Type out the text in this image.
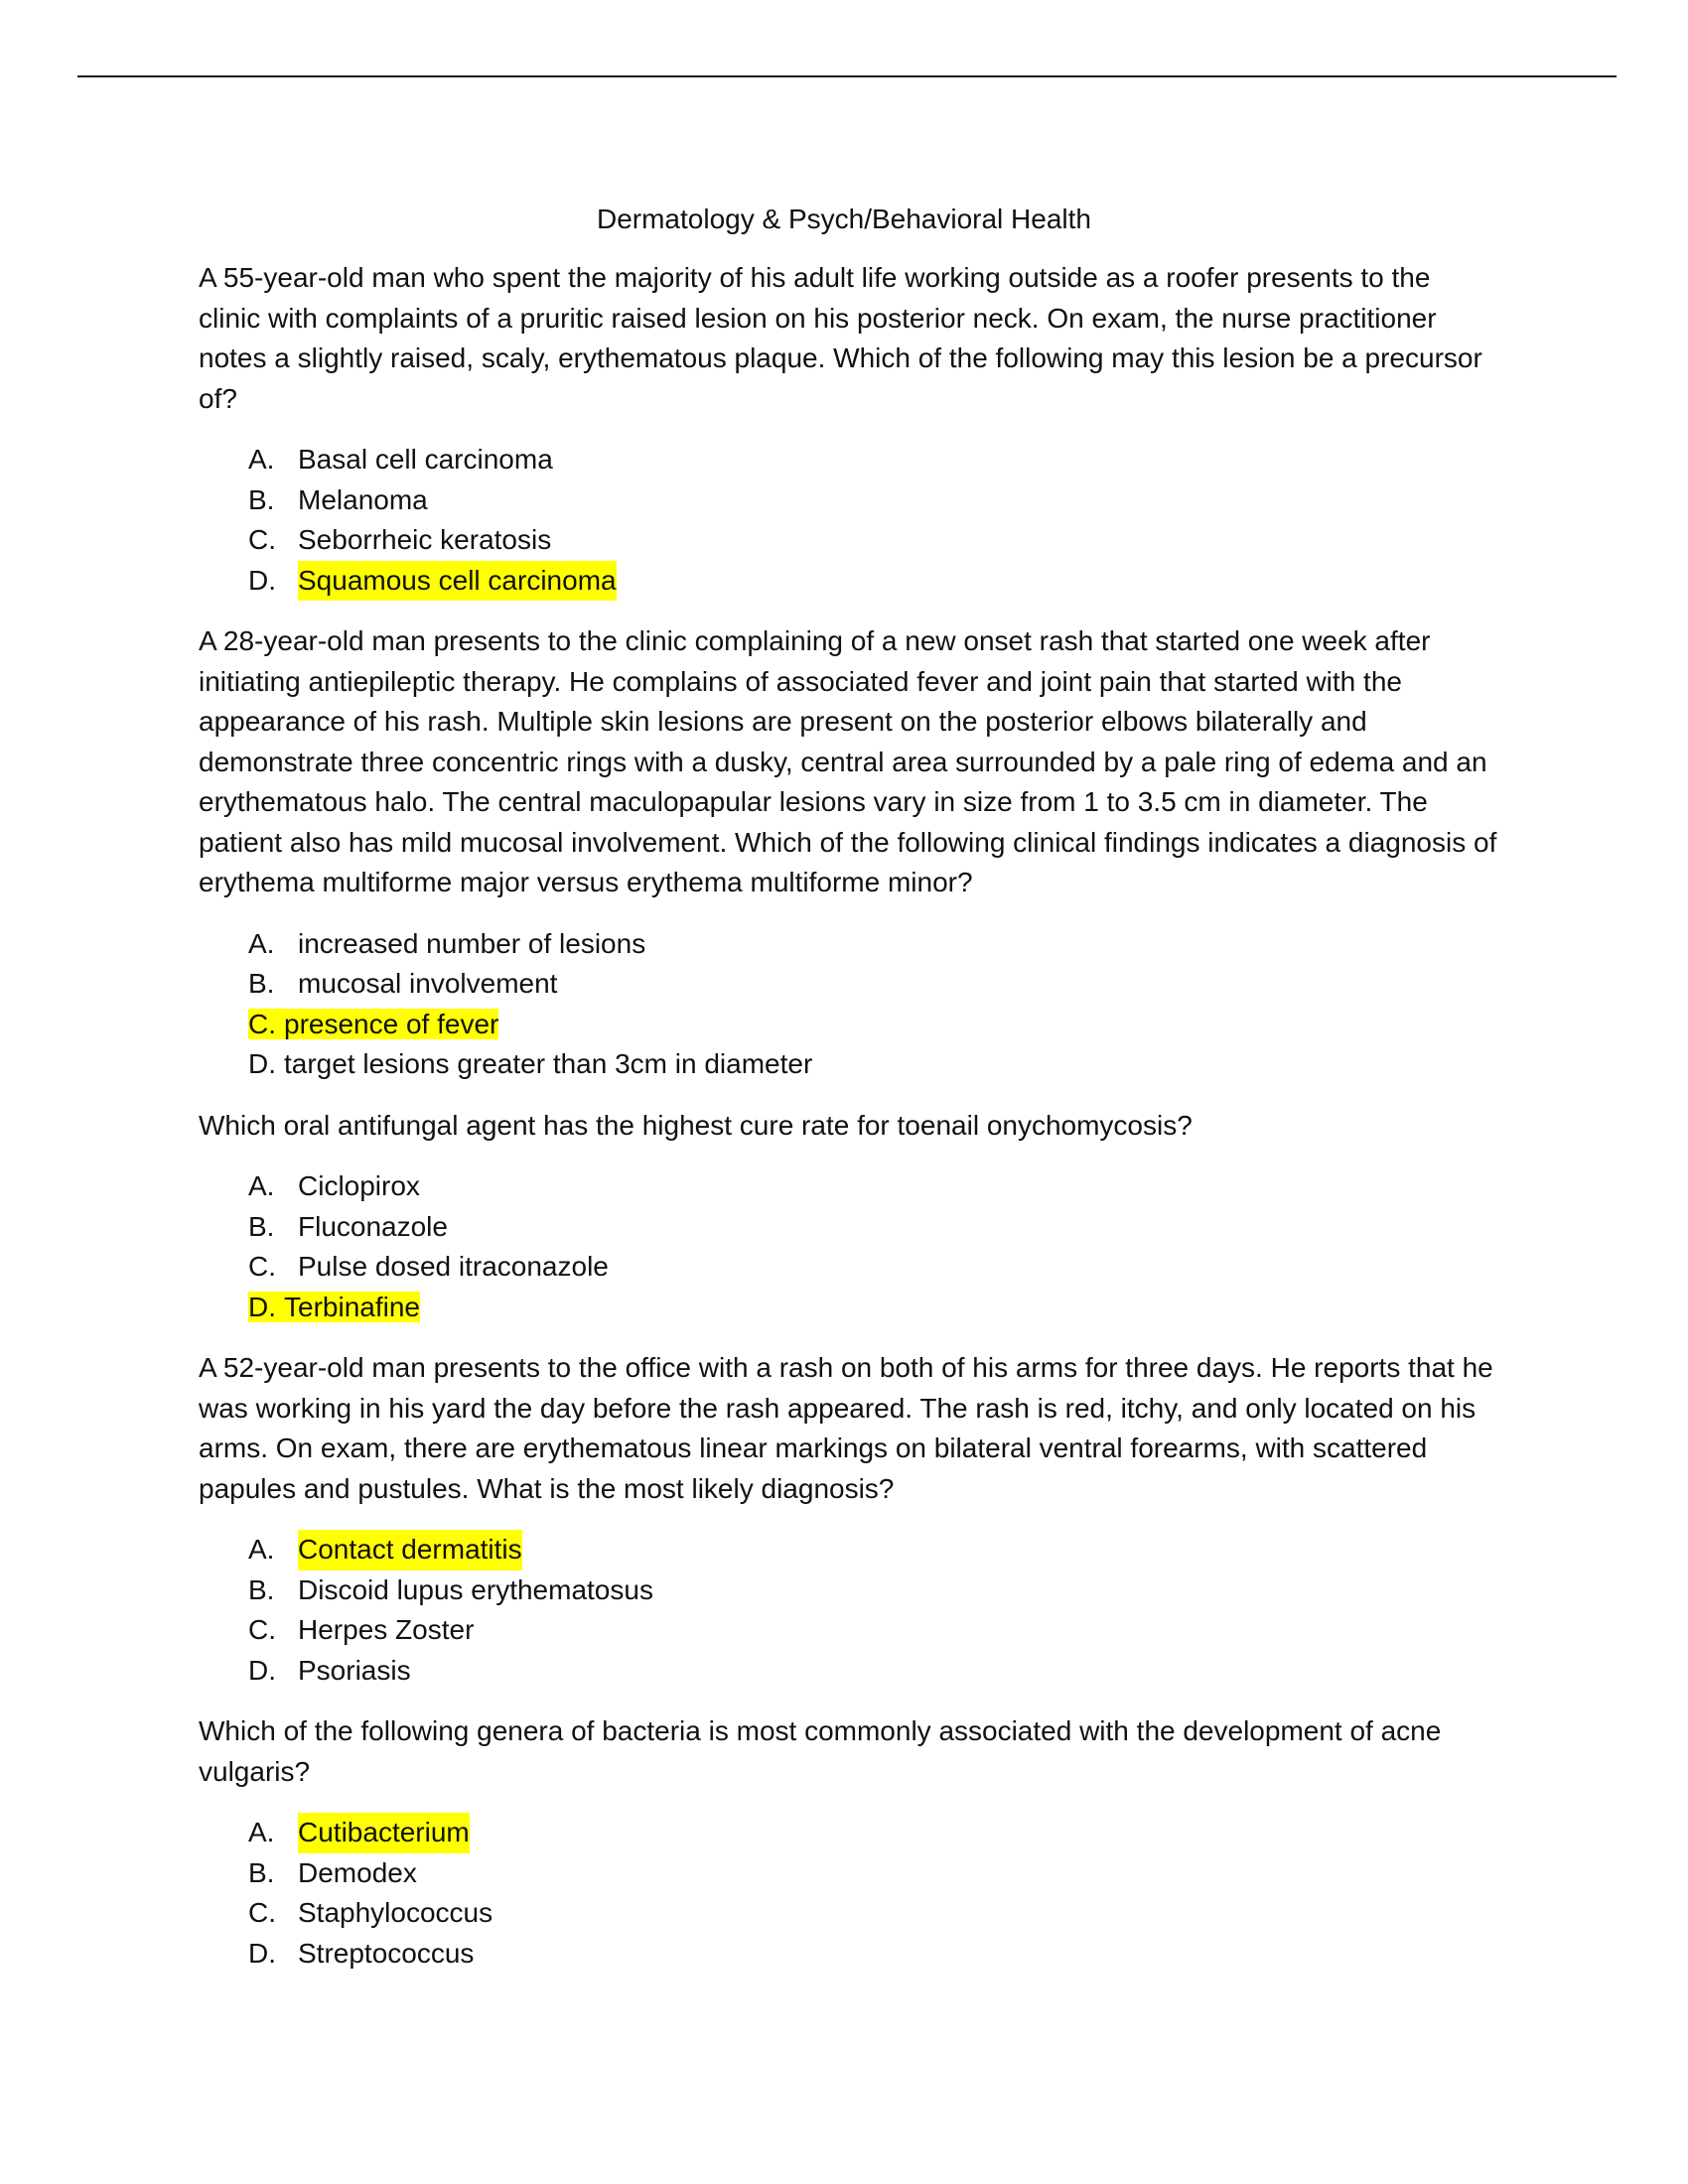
Dermatology & Psych/Behavioral Health

A 55-year-old man who spent the majority of his adult life working outside as a roofer presents to the clinic with complaints of a pruritic raised lesion on his posterior neck. On exam, the nurse practitioner notes a slightly raised, scaly, erythematous plaque. Which of the following may this lesion be a precursor of?

A. Basal cell carcinoma
B. Melanoma
C. Seborrheic keratosis
D. Squamous cell carcinoma

A 28-year-old man presents to the clinic complaining of a new onset rash that started one week after initiating antiepileptic therapy. He complains of associated fever and joint pain that started with the appearance of his rash. Multiple skin lesions are present on the posterior elbows bilaterally and demonstrate three concentric rings with a dusky, central area surrounded by a pale ring of edema and an erythematous halo. The central maculopapular lesions vary in size from 1 to 3.5 cm in diameter. The patient also has mild mucosal involvement. Which of the following clinical findings indicates a diagnosis of erythema multiforme major versus erythema multiforme minor?

A. increased number of lesions
B. mucosal involvement
C. presence of fever
D. target lesions greater than 3cm in diameter

Which oral antifungal agent has the highest cure rate for toenail onychomycosis?

A. Ciclopirox
B. Fluconazole
C. Pulse dosed itraconazole
D. Terbinafine

A 52-year-old man presents to the office with a rash on both of his arms for three days. He reports that he was working in his yard the day before the rash appeared. The rash is red, itchy, and only located on his arms. On exam, there are erythematous linear markings on bilateral ventral forearms, with scattered papules and pustules. What is the most likely diagnosis?

A. Contact dermatitis
B. Discoid lupus erythematosus
C. Herpes Zoster
D. Psoriasis

Which of the following genera of bacteria is most commonly associated with the development of acne vulgaris?

A. Cutibacterium
B. Demodex
C. Staphylococcus
D. Streptococcus
